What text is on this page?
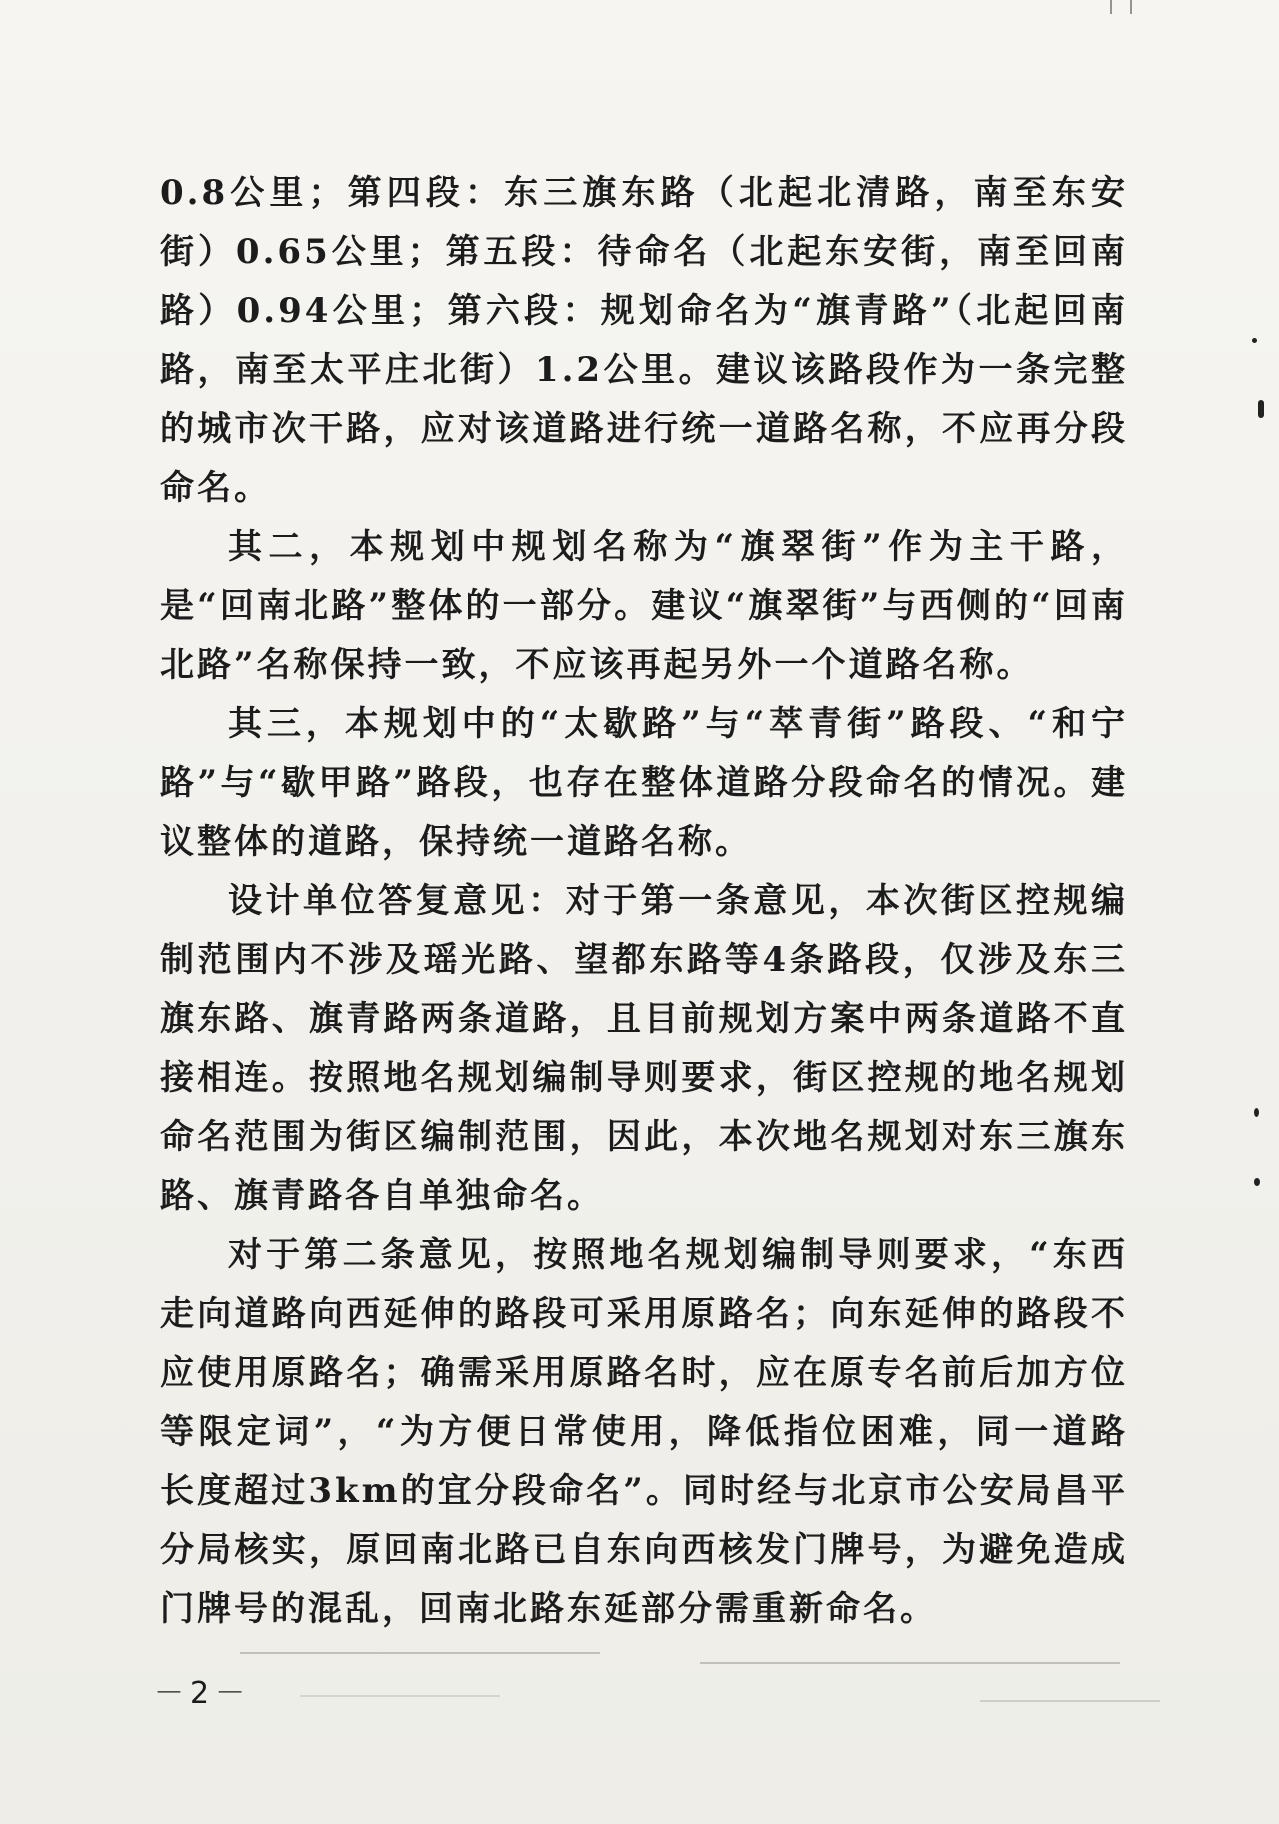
0.8公里；第四段：东三旗东路（北起北清路，南至东安街）0.65公里；第五段：待命名（北起东安街，南至回南路）0.94公里；第六段：规划命名为“旗青路”（北起回南路，南至太平庄北街）1.2公里。建议该路段作为一条完整的城市次干路，应对该道路进行统一道路名称，不应再分段命名。

其二，本规划中规划名称为“旗翠街”作为主干路，是“回南北路”整体的一部分。建议“旗翠街”与西侧的“回南北路”名称保持一致，不应该再起另外一个道路名称。

其三，本规划中的“太歇路”与“萃青街”路段、“和宁路”与“歇甲路”路段，也存在整体道路分段命名的情况。建议整体的道路，保持统一道路名称。

设计单位答复意见：对于第一条意见，本次街区控规编制范围内不涉及瑶光路、望都东路等4条路段，仅涉及东三旗东路、旗青路两条道路，且目前规划方案中两条道路不直接相连。按照地名规划编制导则要求，街区控规的地名规划命名范围为街区编制范围，因此，本次地名规划对东三旗东路、旗青路各自单独命名。

对于第二条意见，按照地名规划编制导则要求，“东西走向道路向西延伸的路段可采用原路名；向东延伸的路段不应使用原路名；确需采用原路名时，应在原专名前后加方位等限定词”，“为方便日常使用，降低指位困难，同一道路长度超过3km的宜分段命名”。同时经与北京市公安局昌平分局核实，原回南北路已自东向西核发门牌号，为避免造成门牌号的混乱，回南北路东延部分需重新命名。

－2－
